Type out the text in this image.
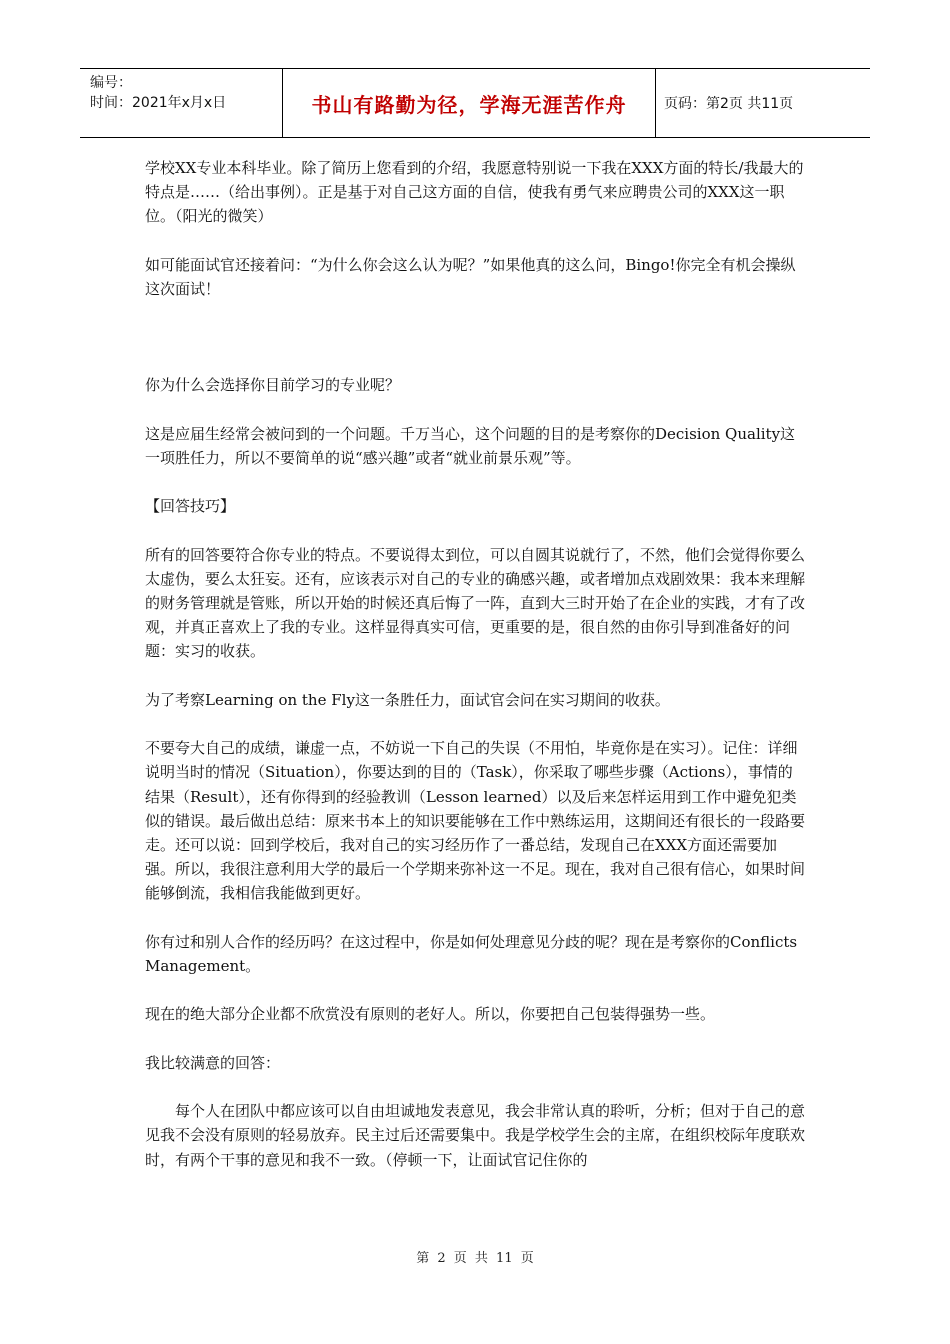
编号：
时间：2021年x月x日	书山有路勤为径，学海无涯苦作舟	页码：第2页 共11页

学校XX专业本科毕业。除了简历上您看到的介绍，我愿意特别说一下我在XXX方面的特长/我最大的特点是……（给出事例）。正是基于对自己这方面的自信，使我有勇气来应聘贵公司的XXX这一职位。（阳光的微笑）

如可能面试官还接着问：“为什么你会这么认为呢？”如果他真的这么问，Bingo!你完全有机会操纵这次面试！

你为什么会选择你目前学习的专业呢？

这是应届生经常会被问到的一个问题。千万当心，这个问题的目的是考察你的Decision Quality这一项胜任力，所以不要简单的说“感兴趣”或者“就业前景乐观”等。

【回答技巧】

所有的回答要符合你专业的特点。不要说得太到位，可以自圆其说就行了，不然，他们会觉得你要么太虚伪，要么太狂妄。还有，应该表示对自己的专业的确感兴趣，或者增加点戏剧效果：我本来理解的财务管理就是管账，所以开始的时候还真后悔了一阵，直到大三时开始了在企业的实践，才有了改观，并真正喜欢上了我的专业。这样显得真实可信，更重要的是，很自然的由你引导到准备好的问题：实习的收获。

为了考察Learning on the Fly这一条胜任力，面试官会问在实习期间的收获。

不要夸大自己的成绩，谦虚一点，不妨说一下自己的失误（不用怕，毕竟你是在实习）。记住：详细说明当时的情况（Situation），你要达到的目的（Task），你采取了哪些步骤（Actions），事情的结果（Result），还有你得到的经验教训（Lesson learned）以及后来怎样运用到工作中避免犯类似的错误。最后做出总结：原来书本上的知识要能够在工作中熟练运用，这期间还有很长的一段路要走。还可以说：回到学校后，我对自己的实习经历作了一番总结，发现自己在XXX方面还需要加强。所以，我很注意利用大学的最后一个学期来弥补这一不足。现在，我对自己很有信心，如果时间能够倒流，我相信我能做到更好。

你有过和别人合作的经历吗？在这过程中，你是如何处理意见分歧的呢？现在是考察你的Conflicts Management。

现在的绝大部分企业都不欣赏没有原则的老好人。所以，你要把自己包装得强势一些。

我比较满意的回答：

每个人在团队中都应该可以自由坦诚地发表意见，我会非常认真的聆听，分析；但对于自己的意见我不会没有原则的轻易放弃。民主过后还需要集中。我是学校学生会的主席，在组织校际年度联欢时，有两个干事的意见和我不一致。（停顿一下，让面试官记住你的

第 2 页 共 11 页
